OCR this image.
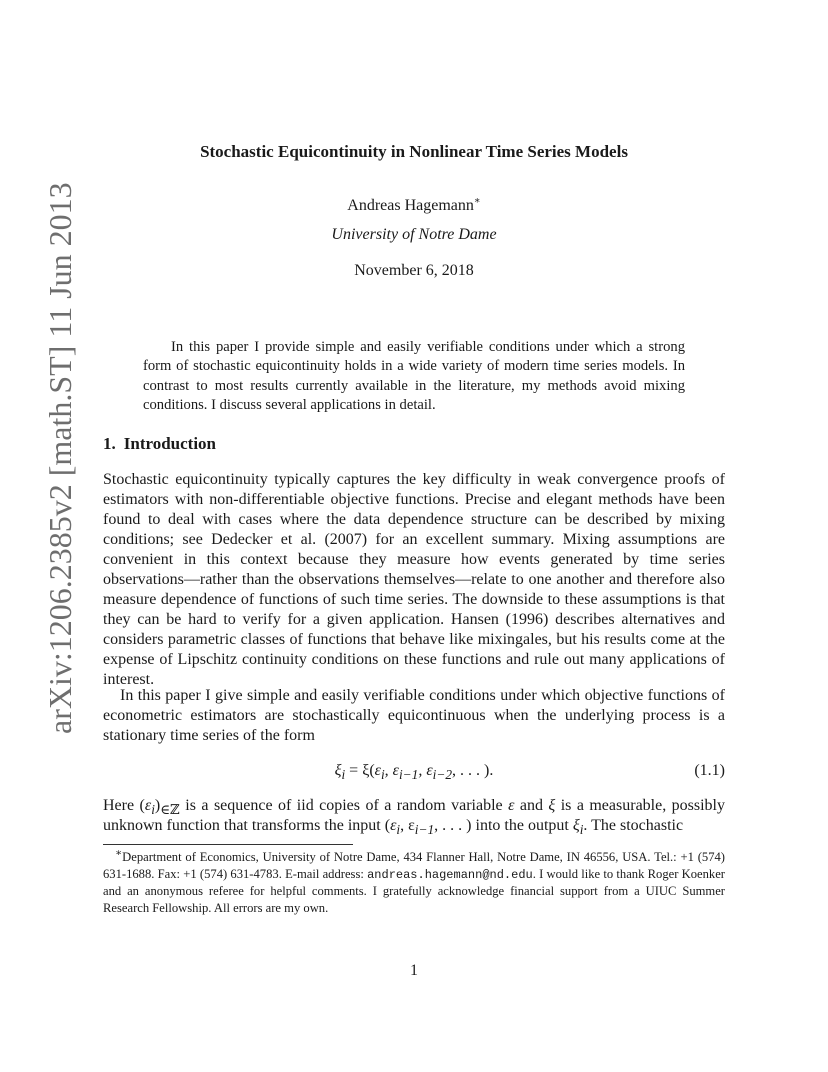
arXiv:1206.2385v2 [math.ST] 11 Jun 2013
Stochastic Equicontinuity in Nonlinear Time Series Models
Andreas Hagemann∗
University of Notre Dame
November 6, 2018

In this paper I provide simple and easily verifiable conditions under which a strong form of stochastic equicontinuity holds in a wide variety of modern time series models. In contrast to most results currently available in the literature, my methods avoid mixing conditions. I discuss several applications in detail.

1. Introduction

Stochastic equicontinuity typically captures the key difficulty in weak convergence proofs of estimators with non-differentiable objective functions. Precise and elegant methods have been found to deal with cases where the data dependence structure can be described by mixing conditions; see Dedecker et al. (2007) for an excellent summary. Mixing assumptions are convenient in this context because they measure how events generated by time series observations—rather than the observations themselves—relate to one another and therefore also measure dependence of functions of such time series. The downside to these assumptions is that they can be hard to verify for a given application. Hansen (1996) describes alternatives and considers parametric classes of functions that behave like mixingales, but his results come at the expense of Lipschitz continuity conditions on these functions and rule out many applications of interest.

In this paper I give simple and easily verifiable conditions under which objective functions of econometric estimators are stochastically equicontinuous when the underlying process is a stationary time series of the form

$\xi_i = \xi(\varepsilon_i$, $\varepsilon_{i-1}$, $\varepsilon_{i-2}$, . . . ).	(1.1)

Here $(\varepsilon_i)_{\in ℤ}$ is a sequence of iid copies of a random variable ε and ξ is a measurable, possibly unknown function that transforms the input ($\varepsilon_i$, $\varepsilon_{i-1}$, . . . ) into the output $\xi_i$. The stochastic

∗Department of Economics, University of Notre Dame, 434 Flanner Hall, Notre Dame, IN 46556, USA. Tel.: +1 (574) 631-1688. Fax: +1 (574) 631-4783. E-mail address: andreas.hagemann@nd.edu. I would like to thank Roger Koenker and an anonymous referee for helpful comments. I gratefully acknowledge financial support from a UIUC Summer Research Fellowship. All errors are my own.

1
